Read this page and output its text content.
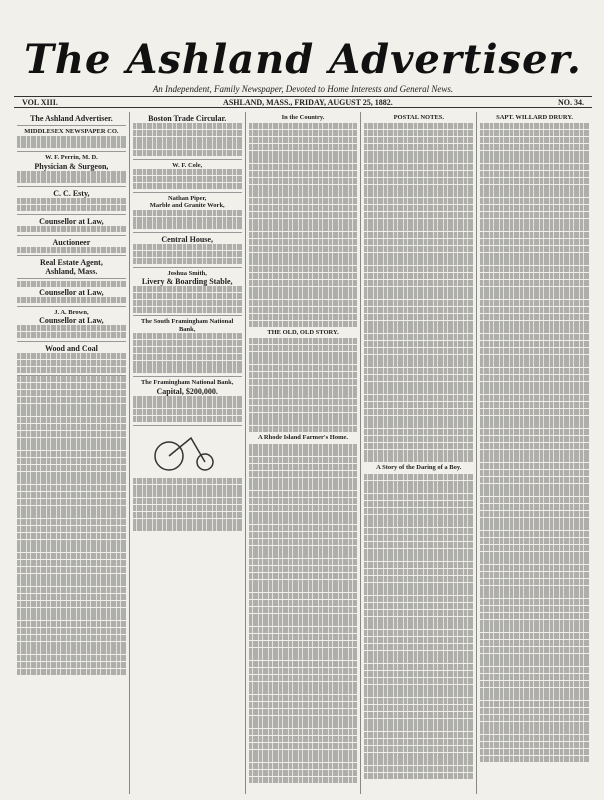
The Ashland Advertiser.
An Independent, Family Newspaper, Devoted to Home Interests and General News.
VOL XIII.	ASHLAND, MASS., FRIDAY, AUGUST 25, 1882.	NO. 34.
The Ashland Advertiser.
MIDDLESEX NEWSPAPER CO.
W. F. Perrin, M. D.
Physician & Surgeon,
C. C. Esty,
Counsellor at Law,
Auctioneer
Real Estate Agent,
Ashland, Mass.
Counsellor at Law,
J. A. Brown,
Counsellor at Law,
Wood and Coal
Boston Trade Circular.
W. F. Cole,
Nathan Piper,
Marble and Granite Work,
Central House,
Joshua Smith,
Livery & Boarding Stable,
The South Framingham National Bank,
The Framingham National Bank,
Capital, $200,000.
In the Country.
THE OLD, OLD STORY.
A Rhode Island Farmer's Home.
POSTAL NOTES.
A Story of the Daring of a Boy.
SAPT. WILLARD DRURY.
